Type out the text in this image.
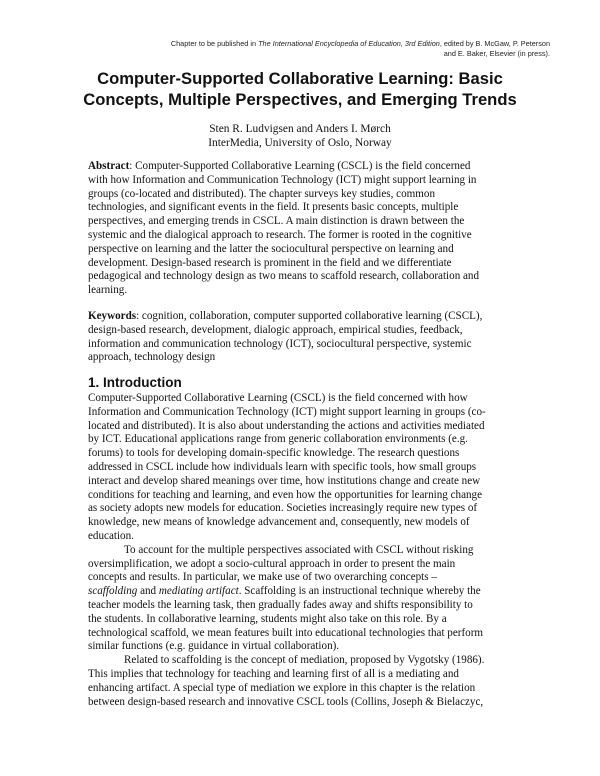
Chapter to be published in The International Encyclopedia of Education, 3rd Edition, edited by B. McGaw, P. Peterson
and E. Baker, Elsevier (in press).
Computer-Supported Collaborative Learning: Basic
Concepts, Multiple Perspectives, and Emerging Trends
Sten R. Ludvigsen and Anders I. Mørch
InterMedia, University of Oslo, Norway
Abstract: Computer-Supported Collaborative Learning (CSCL) is the field concerned
with how Information and Communication Technology (ICT) might support learning in
groups (co-located and distributed). The chapter surveys key studies, common
technologies, and significant events in the field. It presents basic concepts, multiple
perspectives, and emerging trends in CSCL. A main distinction is drawn between the
systemic and the dialogical approach to research. The former is rooted in the cognitive
perspective on learning and the latter the sociocultural perspective on learning and
development. Design-based research is prominent in the field and we differentiate
pedagogical and technology design as two means to scaffold research, collaboration and
learning.
Keywords: cognition, collaboration, computer supported collaborative learning (CSCL),
design-based research, development, dialogic approach, empirical studies, feedback,
information and communication technology (ICT), sociocultural perspective, systemic
approach, technology design
1. Introduction
Computer-Supported Collaborative Learning (CSCL) is the field concerned with how
Information and Communication Technology (ICT) might support learning in groups (co-
located and distributed). It is also about understanding the actions and activities mediated
by ICT. Educational applications range from generic collaboration environments (e.g.
forums) to tools for developing domain-specific knowledge. The research questions
addressed in CSCL include how individuals learn with specific tools, how small groups
interact and develop shared meanings over time, how institutions change and create new
conditions for teaching and learning, and even how the opportunities for learning change
as society adopts new models for education. Societies increasingly require new types of
knowledge, new means of knowledge advancement and, consequently, new models of
education.
To account for the multiple perspectives associated with CSCL without risking
oversimplification, we adopt a socio-cultural approach in order to present the main
concepts and results. In particular, we make use of two overarching concepts –
scaffolding and mediating artifact. Scaffolding is an instructional technique whereby the
teacher models the learning task, then gradually fades away and shifts responsibility to
the students. In collaborative learning, students might also take on this role. By a
technological scaffold, we mean features built into educational technologies that perform
similar functions (e.g. guidance in virtual collaboration).
Related to scaffolding is the concept of mediation, proposed by Vygotsky (1986).
This implies that technology for teaching and learning first of all is a mediating and
enhancing artifact. A special type of mediation we explore in this chapter is the relation
between design-based research and innovative CSCL tools (Collins, Joseph & Bielaczyc,
